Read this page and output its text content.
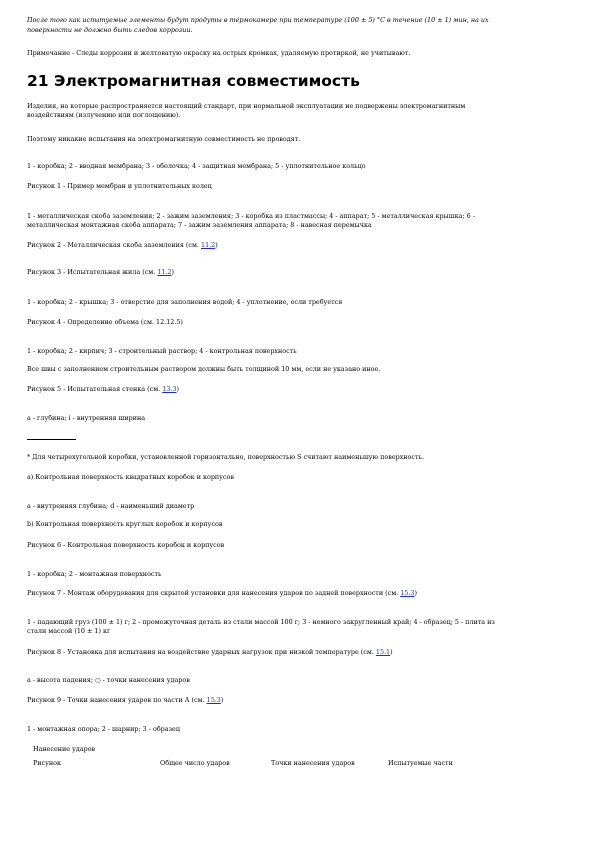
После того как испытуемые элементы будут продуты в термокамере при температуре (100 ± 5) °С в течение (10 ± 1) мин, на их

поверхности не должно быть следов коррозии.

Примечание - Следы коррозии и желтоватую окраску на острых кромках, удаляемую протиркой, не учитывают.

21 Электромагнитная совместимость

Изделия, на которые распространяется настоящий стандарт, при нормальной эксплуатации не подвержены электромагнитным

воздействиям (излучению или поглощению).

Поэтому никакие испытания на электромагнитную совместимость не проводят.

1 - коробка; 2 - вводная мембрана; 3 - оболочка; 4 - защитная мембрана; 5 - уплотнительное кольцо

Рисунок 1 - Пример мембран и уплотнительных колец

1 - металлическая скоба заземления; 2 - зажим заземления; 3 - коробка из пластмассы; 4 - аппарат; 5 - металлическая крышка; 6 -

металлическая монтажная скоба аппарата; 7 - зажим заземления аппарата; 8 - навесная перемычка

Рисунок 2 - Металлическая скоба заземления (см. 11.2)

Рисунок 3 - Испытательная жила (см. 11.2)

1 - коробка; 2 - крышка; 3 - отверстие для заполнения водой; 4 - уплотнение, если требуется

Рисунок 4 - Определение объема (см. 12.12.5)

1 - коробка; 2 - кирпич; 3 - строительный раствор; 4 - контрольная поверхность

Все швы с заполнением строительным раствором должны быть толщиной 10 мм, если не указано иное.

Рисунок 5 - Испытательная стенка (см. 13.3)

a - глубина; i - внутренняя ширина

* Для четырехугольной коробки, установленной горизонтально, поверхностью S считают наименьшую поверхность.

а) Контрольная поверхность квадратных коробок и корпусов

a - внутренняя глубина; d - наименьший диаметр

b) Контрольная поверхность круглых коробок и корпусов

Рисунок 6 - Контрольная поверхность коробок и корпусов

1 - коробка; 2 - монтажная поверхность

Рисунок 7 - Монтаж оборудования для скрытой установки для нанесения ударов по задней поверхности (см. 15.3)

1 - падающий груз (100 ± 1) г; 2 - промежуточная деталь из стали массой 100 г; 3 - немного закругленный край; 4 - образец; 5 - плита из

стали массой (10 ± 1) кг

Рисунок 8 - Установка для испытания на воздействие ударных нагрузок при низкой температуре (см. 15.1)

a - высота падения; ○ - точки нанесения ударов

Рисунок 9 - Точки нанесения ударов по части А (см. 15.3)

1 - монтажная опора; 2 - шарнир; 3 - образец

Нанесение ударов
Рисунок	Общее число ударов	Точки нанесения ударов	Испытуемые части
